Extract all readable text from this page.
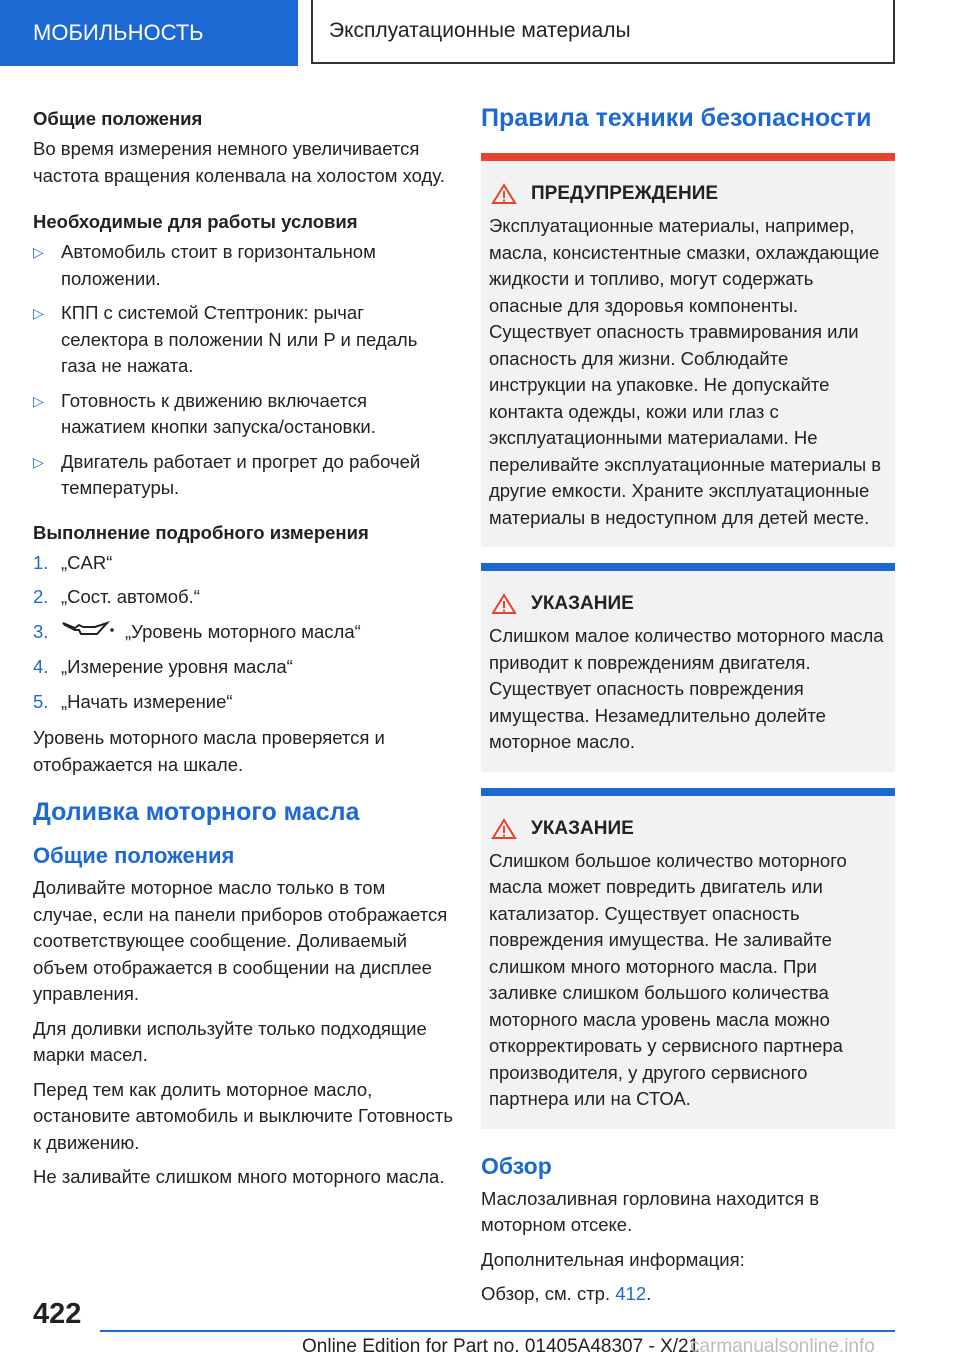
МОБИЛЬНОСТЬ	Эксплуатационные материалы
Общие положения

Во время измерения немного увеличивается частота вращения коленвала на холостом ходу.

Необходимые для работы условия
▷ Автомобиль стоит в горизонтальном положении.
▷ КПП с системой Стептроник: рычаг селектора в положении N или P и педаль газа не нажата.
▷ Готовность к движению включается нажатием кнопки запуска/остановки.
▷ Двигатель работает и прогрет до рабочей температуры.
Выполнение подробного измерения
1. „CAR“
2. „Сост. автомоб.“
3.	„Уровень моторного масла“
4. „Измерение уровня масла“
5. „Начать измерение“

Уровень моторного масла проверяется и отображается на шкале.

Доливка моторного масла
Общие положения

Доливайте моторное масло только в том случае, если на панели приборов отображается соответствующее сообщение. Доливаемый объем отображается в сообщении на дисплее управления.

Для доливки используйте только подходящие марки масел.

Перед тем как долить моторное масло, остановите автомобиль и выключите Готовность к движению.

Не заливайте слишком много моторного масла.

Правила техники безопасности
ПРЕДУПРЕЖДЕНИЕ

Эксплуатационные материалы, например, масла, консистентные смазки, охлаждающие жидкости и топливо, могут содержать опасные для здоровья компоненты. Существует опасность травмирования или опасность для жизни. Соблюдайте инструкции на упаковке. Не допускайте контакта одежды, кожи или глаз с эксплуатационными материалами. Не переливайте эксплуатационные материалы в другие емкости. Храните эксплуатационные материалы в недоступном для детей месте.

УКАЗАНИЕ

Слишком малое количество моторного масла приводит к повреждениям двигателя. Существует опасность повреждения имущества. Незамедлительно долейте моторное масло.

УКАЗАНИЕ

Слишком большое количество моторного масла может повредить двигатель или катализатор. Существует опасность повреждения имущества. Не заливайте слишком много моторного масла. При заливке слишком большого количества моторного масла уровень масла можно откорректировать у сервисного партнера производителя, у другого сервисного партнера или на СТОА.

Обзор

Маслозаливная горловина находится в моторном отсеке.

Дополнительная информация:

Обзор, см. стр. 412.

422
Online Edition for Part no. 01405A48307 - X/21
carmanualsonline.info
